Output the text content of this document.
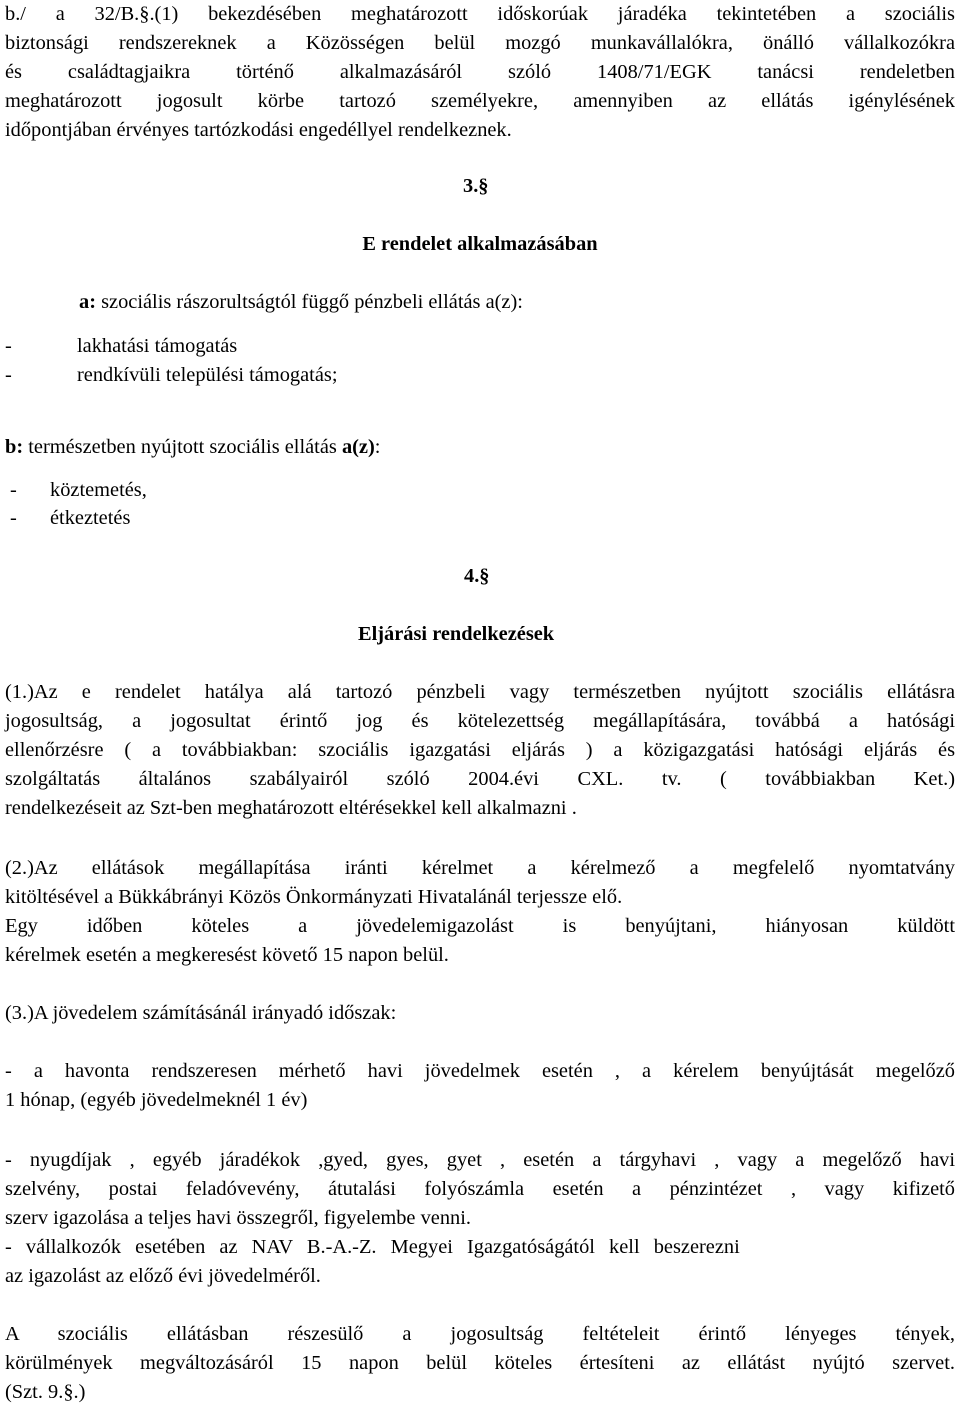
b./ a 32/B.§.(1) bekezdésében meghatározott időskorúak járadéka tekintetében a szociális
biztonsági rendszereknek a Közösségen belül mozgó munkavállalókra, önálló vállalkozókra
és családtagjaikra történő alkalmazásáról szóló 1408/71/EGK tanácsi rendeletben
meghatározott jogosult körbe tartozó személyekre, amennyiben az ellátás igénylésének
időpontjában érvényes tartózkodási engedéllyel rendelkeznek.
3.§
E rendelet alkalmazásában
a: szociális rászorultságtól függő pénzbeli ellátás a(z):
-	lakhatási támogatás
-	rendkívüli települési támogatás;
b: természetben nyújtott szociális ellátás a(z):
- köztemetés,
- étkeztetés
4.§
Eljárási rendelkezések
(1.)Az e rendelet hatálya alá tartozó pénzbeli vagy természetben nyújtott szociális ellátásra
jogosultság, a jogosultat érintő jog és kötelezettség megállapítására, továbbá a hatósági
ellenőrzésre ( a továbbiakban: szociális igazgatási eljárás ) a közigazgatási hatósági eljárás és
szolgáltatás általános szabályairól szóló 2004.évi CXL. tv. ( továbbiakban Ket.)
rendelkezéseit az Szt-ben meghatározott eltérésekkel kell alkalmazni .
(2.)Az ellátások megállapítása iránti kérelmet a kérelmező a megfelelő nyomtatvány
kitöltésével a Bükkábrányi Közös Önkormányzati Hivatalánál terjessze elő.
Egy időben köteles a jövedelemigazolást is benyújtani, hiányosan küldött
kérelmek esetén a megkeresést követő 15 napon belül.
(3.)A jövedelem számításánál irányadó időszak:
- a havonta rendszeresen mérhető havi jövedelmek esetén , a kérelem benyújtását megelőző
1 hónap, (egyéb jövedelmeknél 1 év)
- nyugdíjak , egyéb járadékok ,gyed, gyes, gyet , esetén a tárgyhavi , vagy a megelőző havi
szelvény, postai feladóvevény, átutalási folyószámla esetén a pénzintézet , vagy kifizető
szerv igazolása a teljes havi összegről, figyelembe venni.
- vállalkozók esetében az NAV B.-A.-Z. Megyei Igazgatóságától kell beszerezni
az igazolást az előző évi jövedelméről.
A szociális ellátásban részesülő a jogosultság feltételeit érintő lényeges tények,
körülmények megváltozásáról 15 napon belül köteles értesíteni az ellátást nyújtó szervet.
(Szt. 9.§.)
